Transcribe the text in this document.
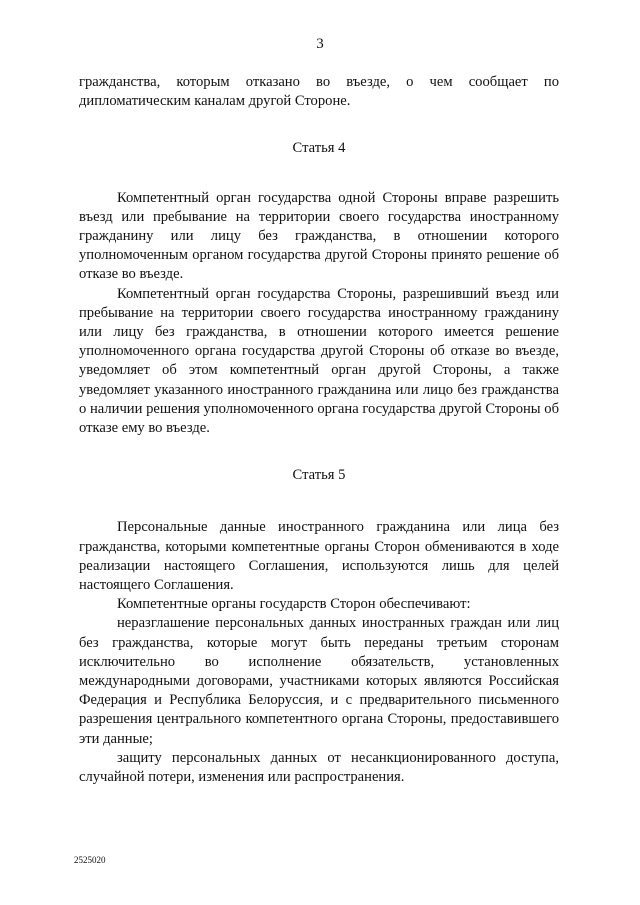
3

гражданства, которым отказано во въезде, о чем сообщает по дипломатическим каналам другой Стороне.

Статья 4

Компетентный орган государства одной Стороны вправе разрешить въезд или пребывание на территории своего государства иностранному гражданину или лицу без гражданства, в отношении которого уполномоченным органом государства другой Стороны принято решение об отказе во въезде.

Компетентный орган государства Стороны, разрешивший въезд или пребывание на территории своего государства иностранному гражданину или лицу без гражданства, в отношении которого имеется решение уполномоченного органа государства другой Стороны об отказе во въезде, уведомляет об этом компетентный орган другой Стороны, а также уведомляет указанного иностранного гражданина или лицо без гражданства о наличии решения уполномоченного органа государства другой Стороны об отказе ему во въезде.

Статья 5

Персональные данные иностранного гражданина или лица без гражданства, которыми компетентные органы Сторон обмениваются в ходе реализации настоящего Соглашения, используются лишь для целей настоящего Соглашения.

Компетентные органы государств Сторон обеспечивают:

неразглашение персональных данных иностранных граждан или лиц без гражданства, которые могут быть переданы третьим сторонам исключительно во исполнение обязательств, установленных международными договорами, участниками которых являются Российская Федерация и Республика Белоруссия, и с предварительного письменного разрешения центрального компетентного органа Стороны, предоставившего эти данные;

защиту персональных данных от несанкционированного доступа, случайной потери, изменения или распространения.

2525020
